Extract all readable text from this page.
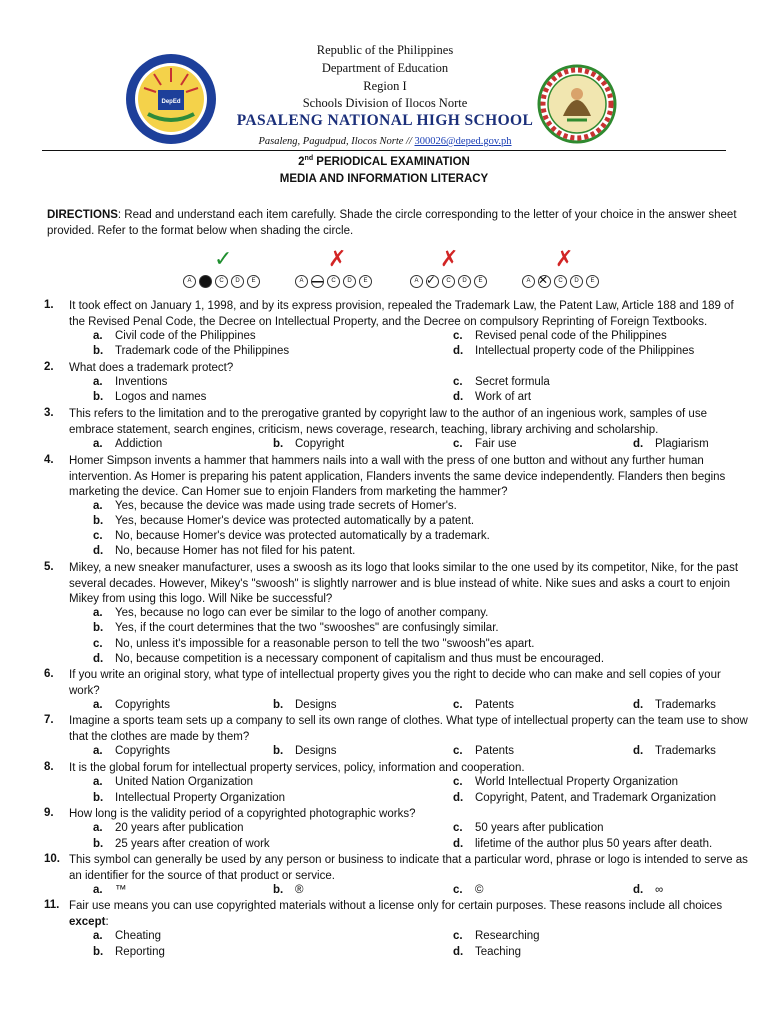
DepEd
Republic of the Philippines
Department of Education
Region I
Schools Division of Ilocos Norte
PASALENG NATIONAL HIGH SCHOOL
Pasaleng, Pagudpud, Ilocos Norte // 300026@deped.gov.ph
2nd PERIODICAL EXAMINATION
MEDIA AND INFORMATION LITERACY
DIRECTIONS: Read and understand each item carefully. Shade the circle corresponding to the letter of your choice in the answer sheet provided. Refer to the format below when shading the circle.
✓	✗	✗	✗
A	B	C	D	E	A	C	D	E	A ✓	C	D	E	A ✕	C	D	E
1. It took effect on January 1, 1998, and by its express provision, repealed the Trademark Law, the Patent Law, Article 188 and 189 of the Revised Penal Code, the Decree on Intellectual Property, and the Decree on compulsory Reprinting of Foreign Textbooks.
a. Civil code of the Philippines	c. Revised penal code of the Philippines
b. Trademark code of the Philippines	d. Intellectual property code of the Philippines
2. What does a trademark protect?
a. Inventions	c. Secret formula
b. Logos and names	d. Work of art
3. This refers to the limitation and to the prerogative granted by copyright law to the author of an ingenious work, samples of use embrace statement, search engines, criticism, news coverage, research, teaching, library archiving and scholarship.
a. Addiction	b. Copyright	c. Fair use	d. Plagiarism
4. Homer Simpson invents a hammer that hammers nails into a wall with the press of one button and without any further human intervention. As Homer is preparing his patent application, Flanders invents the same device independently. Flanders then begins marketing the device. Can Homer sue to enjoin Flanders from marketing the hammer?
a. Yes, because the device was made using trade secrets of Homer's.
b. Yes, because Homer's device was protected automatically by a patent.
c. No, because Homer's device was protected automatically by a trademark.
d. No, because Homer has not filed for his patent.
5. Mikey, a new sneaker manufacturer, uses a swoosh as its logo that looks similar to the one used by its competitor, Nike, for the past several decades. However, Mikey's "swoosh" is slightly narrower and is blue instead of white. Nike sues and asks a court to enjoin Mikey from using this logo. Will Nike be successful?
a. Yes, because no logo can ever be similar to the logo of another company.
b. Yes, if the court determines that the two "swooshes" are confusingly similar.
c. No, unless it's impossible for a reasonable person to tell the two "swoosh"es apart.
d. No, because competition is a necessary component of capitalism and thus must be encouraged.
6. If you write an original story, what type of intellectual property gives you the right to decide who can make and sell copies of your work?
a. Copyrights	b. Designs	c. Patents	d. Trademarks
7. Imagine a sports team sets up a company to sell its own range of clothes. What type of intellectual property can the team use to show that the clothes are made by them?
a. Copyrights	b. Designs	c. Patents	d. Trademarks
8. It is the global forum for intellectual property services, policy, information and cooperation.
a. United Nation Organization	c. World Intellectual Property Organization
b. Intellectual Property Organization	d. Copyright, Patent, and Trademark Organization
9. How long is the validity period of a copyrighted photographic works?
a. 20 years after publication	c. 50 years after publication
b. 25 years after creation of work	d. lifetime of the author plus 50 years after death.
10. This symbol can generally be used by any person or business to indicate that a particular word, phrase or logo is intended to serve as an identifier for the source of that product or service.
a. ™	b. ®	c. ©	d. ∞
11. Fair use means you can use copyrighted materials without a license only for certain purposes. These reasons include all choices except:
a. Cheating	c. Researching
b. Reporting	d. Teaching
